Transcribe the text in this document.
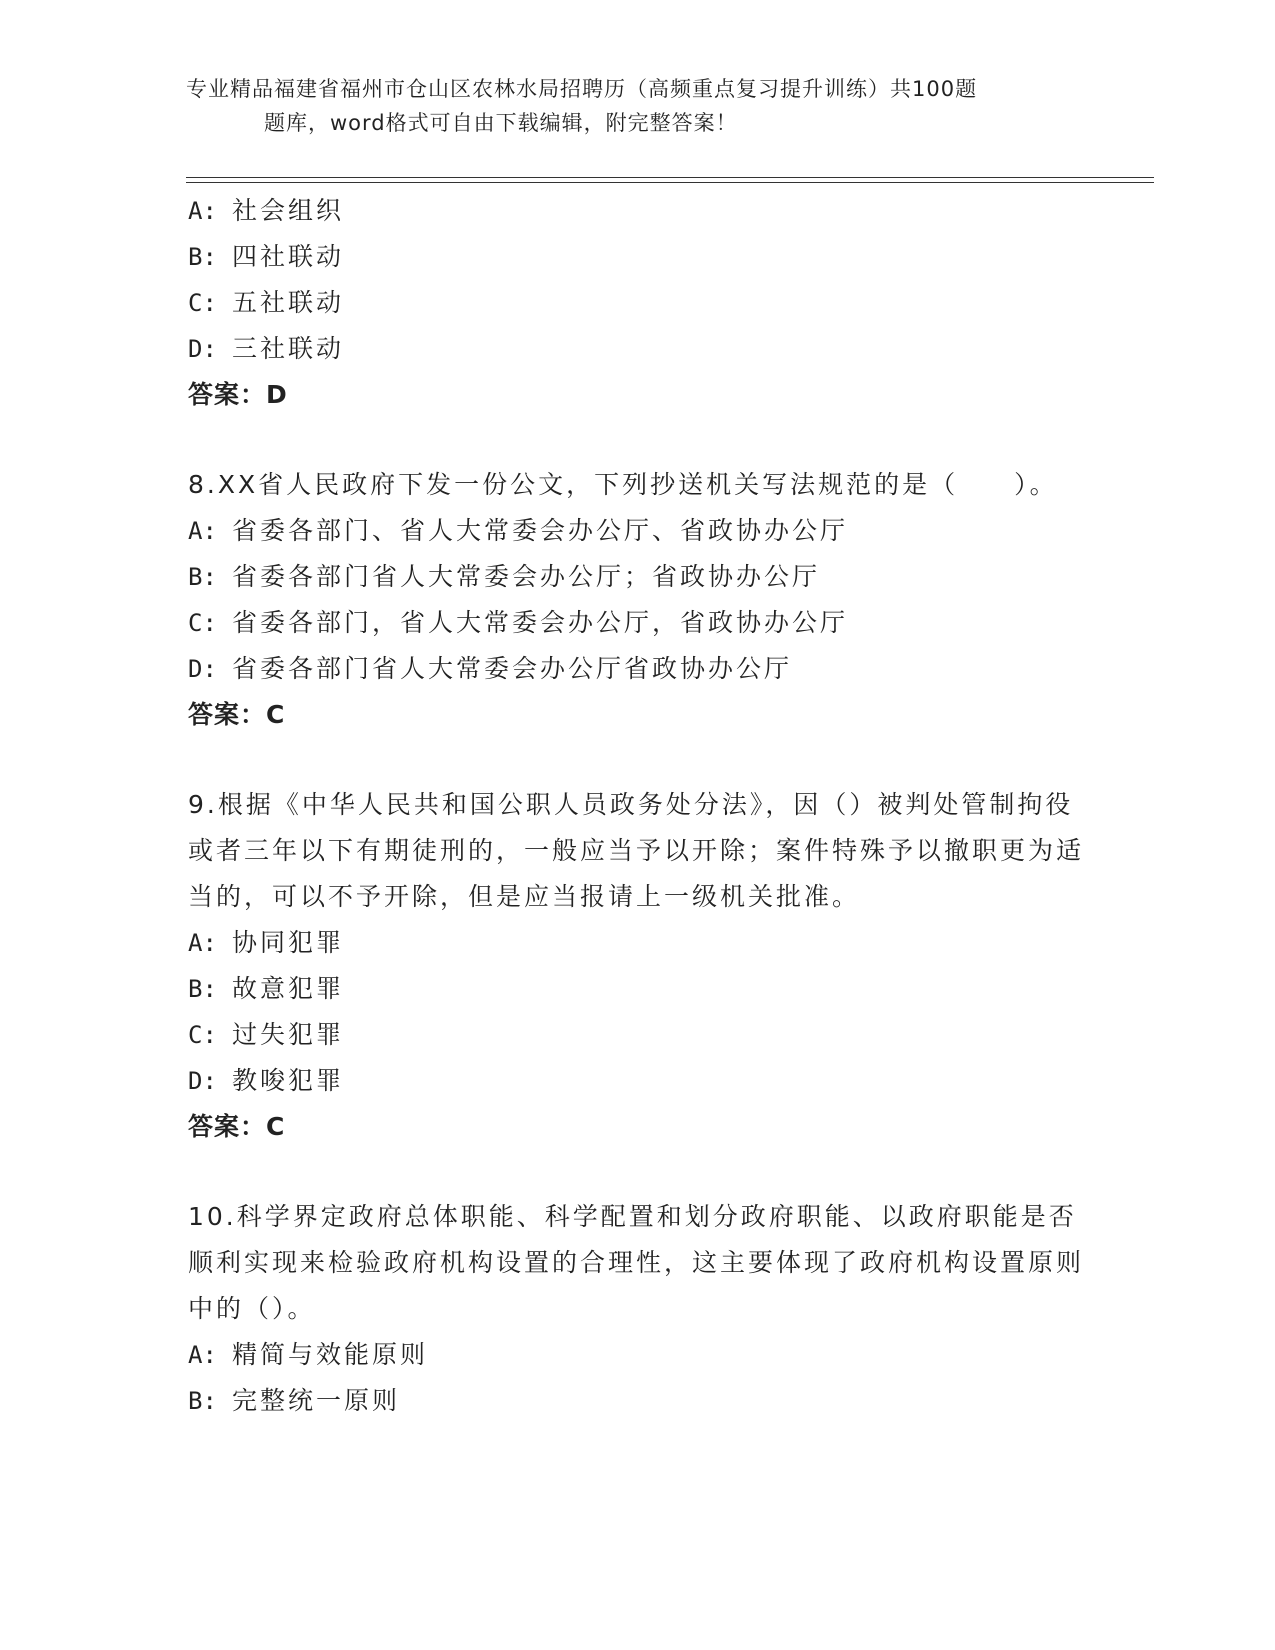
专业精品福建省福州市仓山区农林水局招聘历（高频重点复习提升训练）共100题
题库，word格式可自由下载编辑，附完整答案！
A: 社会组织
B: 四社联动
C: 五社联动
D: 三社联动
答案：D
8.XX省人民政府下发一份公文，下列抄送机关写法规范的是（　　）。
A: 省委各部门、省人大常委会办公厅、省政协办公厅
B: 省委各部门省人大常委会办公厅；省政协办公厅
C: 省委各部门，省人大常委会办公厅，省政协办公厅
D: 省委各部门省人大常委会办公厅省政协办公厅
答案：C
9.根据《中华人民共和国公职人员政务处分法》，因（）被判处管制拘役或者三年以下有期徒刑的，一般应当予以开除；案件特殊予以撤职更为适当的，可以不予开除，但是应当报请上一级机关批准。
A: 协同犯罪
B: 故意犯罪
C: 过失犯罪
D: 教唆犯罪
答案：C
10.科学界定政府总体职能、科学配置和划分政府职能、以政府职能是否顺利实现来检验政府机构设置的合理性，这主要体现了政府机构设置原则中的（）。
A: 精简与效能原则
B: 完整统一原则
